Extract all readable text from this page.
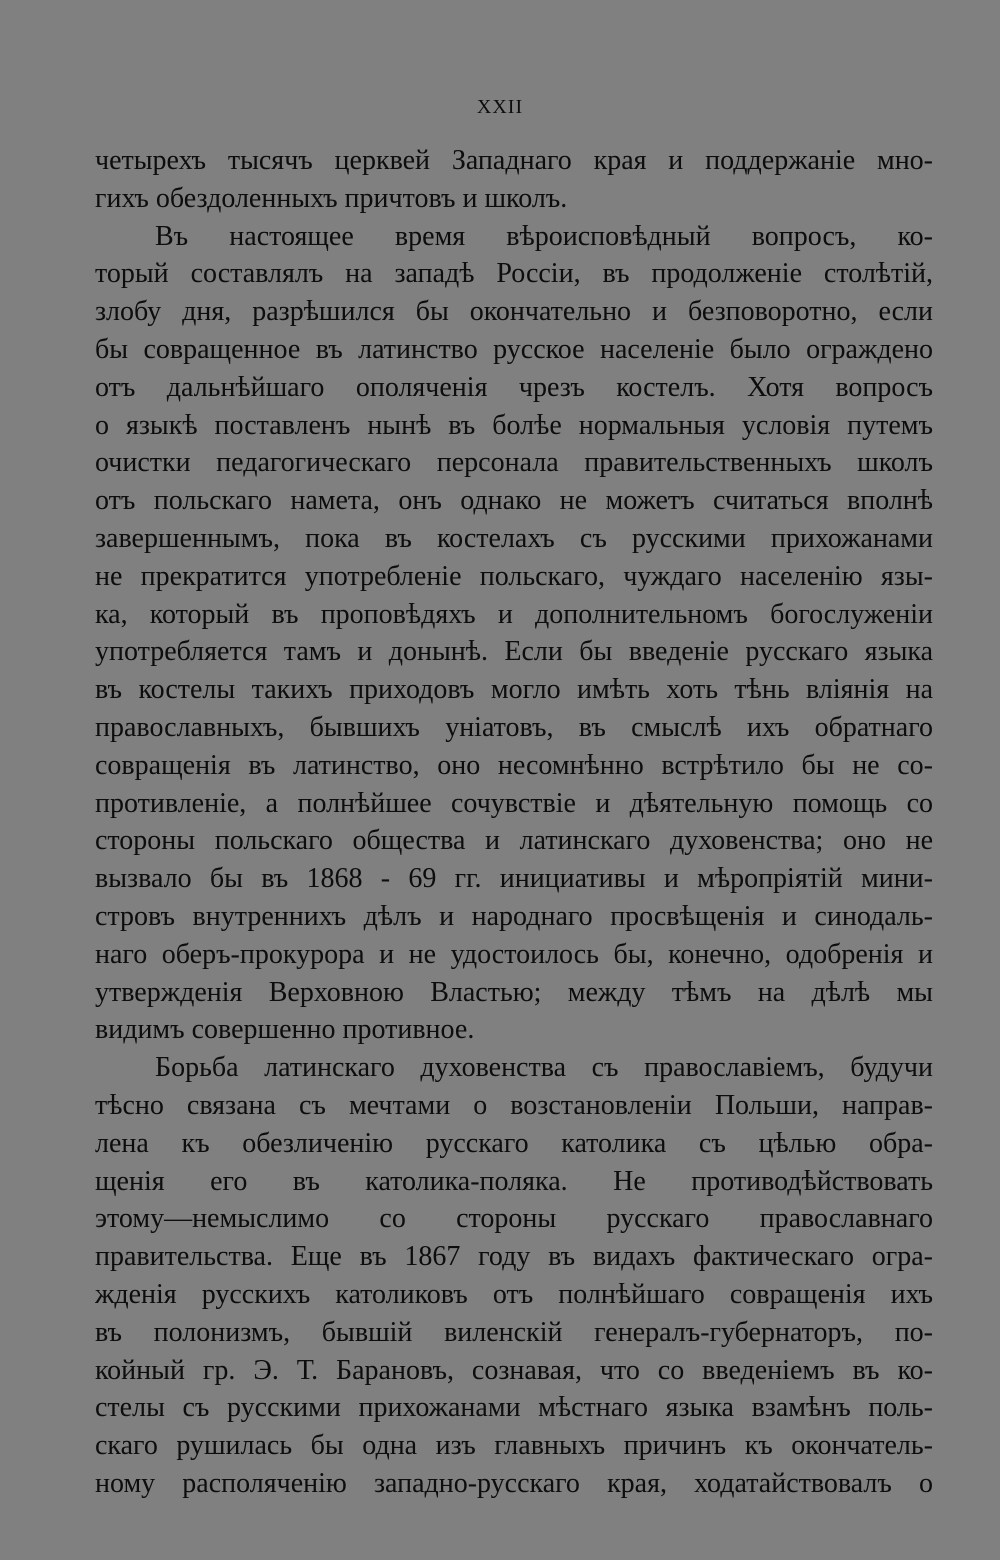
XXII
четырехъ тысячъ церквей Западнаго края и поддержанiе мно-
гихъ обездоленныхъ причтовъ и школъ.
Въ настоящее время вѣроисповѣдный вопросъ, ко-
торый составлялъ на западѣ Россiи, въ продолженiе столѣтiй,
злобу дня, разрѣшился бы окончательно и безповоротно, если
бы совращенное въ латинство русское населенiе было ограждено
отъ дальнѣйшаго ополяченiя чрезъ костелъ. Хотя вопросъ
о языкѣ поставленъ нынѣ въ болѣе нормальныя условiя путемъ
очистки педагогическаго персонала правительственныхъ школъ
отъ польскаго намета, онъ однако не можетъ считаться вполнѣ
завершеннымъ, пока въ костелахъ съ русскими прихожанами
не прекратится употребленiе польскаго, чуждаго населенiю язы-
ка, который въ проповѣдяхъ и дополнительномъ богослуженiи
употребляется тамъ и донынѣ. Если бы введенiе русскаго языка
въ костелы такихъ приходовъ могло имѣть хоть тѣнь влiянiя на
православныхъ, бывшихъ унiатовъ, въ смыслѣ ихъ обратнаго
совращенiя въ латинство, оно несомнѣнно встрѣтило бы не со-
противленiе, а полнѣйшее сочувствiе и дѣятельную помощь со
стороны польскаго общества и латинскаго духовенства; оно не
вызвало бы въ 1868 - 69 гг. инициативы и мѣропрiятiй мини-
стровъ внутреннихъ дѣлъ и народнаго просвѣщенiя и синодаль-
наго оберъ-прокурора и не удостоилось бы, конечно, одобренiя и
утвержденiя Верховною Властью; между тѣмъ на дѣлѣ мы
видимъ совершенно противное.
Борьба латинскаго духовенства съ православiемъ, будучи
тѣсно связана съ мечтами о возстановленiи Польши, направ-
лена къ обезличенiю русскаго католика съ цѣлью обра-
щенiя его въ католика-поляка. Не противодѣйствовать
этому—немыслимо со стороны русскаго православнаго
правительства. Еще въ 1867 году въ видахъ фактическаго огра-
жденiя русскихъ католиковъ отъ полнѣйшаго совращенiя ихъ
въ полонизмъ, бывшiй виленскiй генералъ-губернаторъ, по-
койный гр. Э. Т. Барановъ, сознавая, что со введенiемъ въ ко-
стелы съ русскими прихожанами мѣстнаго языка взамѣнъ поль-
скаго рушилась бы одна изъ главныхъ причинъ къ окончатель-
ному располяченiю западно-русскаго края, ходатайствовалъ о
